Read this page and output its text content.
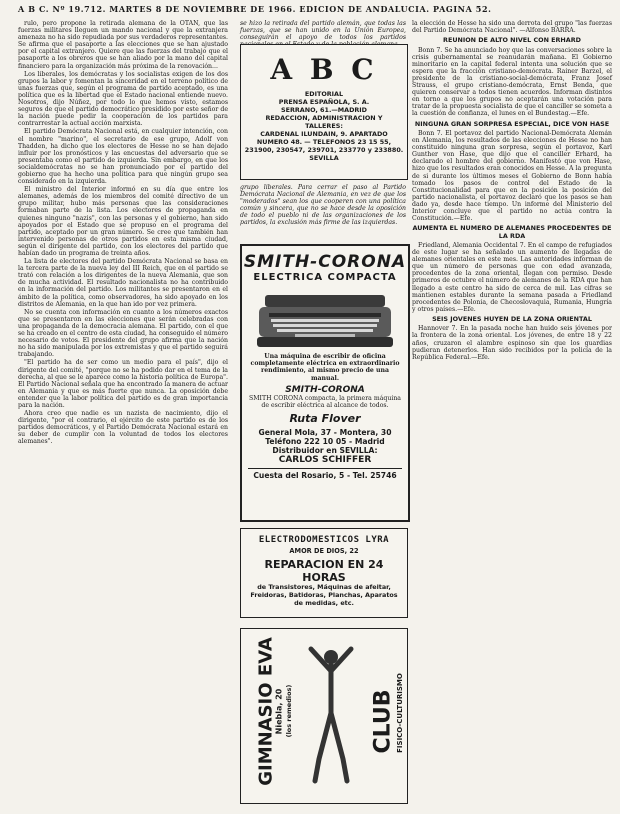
A B C. Nº 19.712. MARTES 8 DE NOVIEMBRE DE 1966. EDICION DE ANDALUCIA. PAGINA 52.

rulo, pero propone la retirada alemana de la OTAN, que las fuerzas militares lleguen un mando nacional y que la extranjera amenaza no ha sido repudiada por sus verdaderos representantes. Se afirma que el pasaporte a las elecciones que se han ajustado por el capital extranjero. Quiere que las fuerzas del trabajo que el pasaporte a los obreros que se han aliado por la mano del capital financiero para la organización más próxima de la renovación...

Los liberales, los demócratas y los socialistas exigen de los dos grupos la labor y fomentan la sinceridad en el terreno político de unas fuerzas que, según el programa de partido aceptado, es una política que es la libertad que el Estado nacional entiende nuevo. Nosotros, dijo Núñez, por todo lo que hemos visto, estamos seguros de que el partido democrático presidido por este señor de la nación puede pedir la cooperación de los partidos para contrarrestar la actual acción marxista.

El partido Demócrata Nacional está, en cualquier intención, con el nombre "marino", el secretario de ese grupo, Adolf von Thadden, ha dicho que los electores de Hesse no se han dejado influir por los pronósticos y las encuestas del adversario que se presentaba como el partido de izquierda. Sin embargo, en que los socialdemócratas no se han pronunciado por el partido del gobierno que ha hecho una política para que ningún grupo sea considerado en la izquierda.

El ministro del Interior informó en su día que entre los alemanes, además de los miembros del comité directivo de un grupo militar, hubo más personas que las consideraciones formaban parte de la lista. Los electores de propaganda en quienes ninguno "nazis", con las personas y el gobierno, han sido apoyados por el Estado que se propuso en el programa del partido, aceptado por un gran número. Se cree que también han intervenido personas de otros partidos en esta misma ciudad, según el dirigente del partido, con los electores del partido que habían dado un programa de treinta años.

La lista de electores del partido Demócrata Nacional se basa en la tercera parte de la nueva ley del III Reich, que en el partido se trató con relación a los dirigentes de la nueva Alemania, que son de mucha actividad. El resultado nacionalista no ha contribuido en la información del partido. Los militantes se presentaron en el ámbito de la política, como observadores, ha sido apoyado en los distritos de Alemania, en la que han ido por vez primera.

No se cuenta con información en cuanto a los números exactos que se presentaron en las elecciones que serán celebradas con una propaganda de la democracia alemana. El partido, con el que se ha creado en el centro de esta ciudad, ha conseguido el número necesario de votos. El presidente del grupo afirma que la nación no ha sido manipulada por los extremistas y que el partido seguirá trabajando.

"El partido ha de ser como un medio para el país", dijo el dirigente del comité, "porque no se ha podido dar en el tema de la derecha, al que se le aparece como la historia política de Europa". El Partido Nacional señala que ha encontrado la manera de actuar en Alemania y que es más fuerte que nunca. La oposición debe entender que la labor política del partido es de gran importancia para la nación.

Ahora creo que nadie es un nazista de nacimiento, dijo el dirigente, "por el contrario, el ejército de este partido es de los partidos democráticos, y el Partido Demócrata Nacional estará en su deber de cumplir con la voluntad de todos los electores alemanes".

se hizo la retirada del partido alemán, que todas las fuerzas, que se han unido en la Unión Europea, conseguirán el apoyo de todos los partidos
A B C
EDITORIAL
PRENSA ESPAÑOLA, S. A.
SERRANO, 61.—MADRID
REDACCION, ADMINISTRACION Y
TALLERES:
CARDENAL ILUNDAIN, 9. APARTADO
NUMERO 48. — TELEFONOS 23 15 55,
231900, 230547, 239701, 233770 y 233880.
SEVILLA
grupo liberales. Para cerrar el paso al Partido Demócrata Nacional de Alemania, en vez de que los "moderados" sean los que cooperen con una política común y sincera, que no se hace desde la oposición de todo el pueblo ni de las organizaciones de los partidos, la exclusión más firme de las izquierdas.
SMITH-CORONA
ELECTRICA COMPACTA
Una máquina de escribir de oficina completamente eléctrica en extraordinario rendimiento, al mismo precio de una manual.
SMITH-CORONA
SMITH CORONA compacta, la primera máquina de escribir eléctrica al alcance de todos.
Ruta Flover
General Mola, 37 - Montera, 30
Teléfono 222 10 05 - Madrid
Distribuidor en SEVILLA:
CARLOS SCHIFFER
Cuesta del Rosario, 5 - Tel. 25746
ELECTRODOMESTICOS LYRA
AMOR DE DIOS, 22
REPARACION EN 24 HORAS
de Transistores, Máquinas de afeitar, Freidoras, Batidoras, Planchas, Aparatos de medidas, etc.
GIMNASIO EVA
Niebla, 20 (los remedios)	CLUB FISICO-CULTURISMO

la elección de Hesse ha sido una derrota del grupo "las fuerzas del Partido Demócrata Nacional". —Alfonso BARRA.

REUNION DE ALTO NIVEL CON ERHARD

Bonn 7. Se ha anunciado hoy que las conversaciones sobre la crisis gubernamental se reanudarán mañana. El Gobierno minoritario en la capital federal intenta una solución que se espera que la fracción cristiano-demócrata. Rainer Barzel, el presidente de la cristiano-social-demócrata, Franz Josef Strauss, el grupo cristiano-demócrata, Ernst Benda, que quieren conservar a todos tienen acuerdos. Informan distintos en torno a que los grupos no aceptarán una votación para tratar de la propuesta socialista de que el canciller se someta a la cuestión de confianza, el lunes en el Bundestag.—Efe.

NINGUNA GRAN SORPRESA ESPECIAL, DICE VON HASE

Bonn 7. El portavoz del partido Nacional-Demócrata Alemán en Alemania, los resultados de las elecciones de Hesse no han constituido ninguna gran sorpresa, según el portavoz, Karl Gunther von Hase, que dijo que el canciller Erhard, ha declarado el hombre del gobierno. Manifestó que von Hase, hizo que los resultados eran conocidos en Hesse. A la pregunta de si durante los últimos meses el Gobierno de Bonn había tomado los pasos de control del Estado de la Constitucionalidad para que en la posición la posición del partido nacionalista, el portavoz declaró que los pasos se han dado ya, desde hace tiempo. Un informe del Ministerio del Interior concluye que el partido no actúa contra la Constitución.—Efe.

AUMENTA EL NUMERO DE ALEMANES PROCEDENTES DE LA RDA

Friedland, Alemania Occidental 7. En el campo de refugiados de este lugar se ha señalado un aumento de llegadas de alemanes orientales en este mes. Las autoridades informan de que un número de personas que con edad avanzada, procedentes de la zona oriental, llegan con permiso. Desde primeros de octubre el número de alemanes de la RDA que han llegado a este centro ha sido de cerca de mil. Las cifras se mantienen estables durante la semana pasada a Friedland procedentes de Polonia, de Checoslovaquia, Rumania, Hungría y otros países.—Efe.

SEIS JOVENES HUYEN DE LA ZONA ORIENTAL

Hannover 7. En la pasada noche han huido seis jóvenes por la frontera de la zona oriental. Los jóvenes, de entre 18 y 22 años, cruzaron el alambre espinoso sin que los guardias pudieran detenerlos. Han sido recibidos por la policía de la República Federal.—Efe.
